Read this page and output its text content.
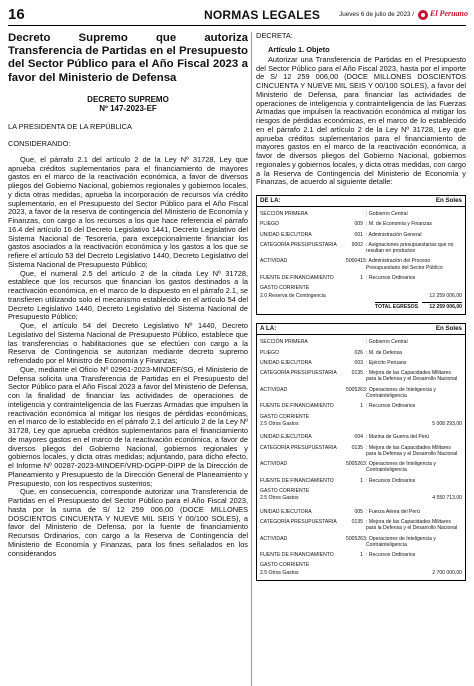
16	NORMAS LEGALES	Jueves 6 de julio de 2023 / El Peruano
Decreto Supremo que autoriza Transferencia de Partidas en el Presupuesto del Sector Público para el Año Fiscal 2023 a favor del Ministerio de Defensa
DECRETO SUPREMO
Nº 147-2023-EF
LA PRESIDENTA DE LA REPÚBLICA
CONSIDERANDO:

Que, el párrafo 2.1 del artículo 2 de la Ley Nº 31728, Ley que aprueba créditos suplementarios para el financiamiento de mayores gastos en el marco de la reactivación económica, a favor de diversos pliegos del Gobierno Nacional, gobiernos regionales y gobiernos locales, y dicta otras medidas, aprueba la incorporación de recursos vía crédito suplementario, en el Presupuesto del Sector Público para el Año Fiscal 2023, a favor de la reserva de contingencia del Ministerio de Economía y Finanzas, con cargo a los recursos a los que hace referencia el párrafo 16.4 del artículo 16 del Decreto Legislativo 1441, Decreto Legislativo del Sistema Nacional de Tesorería, para excepcionalmente financiar los gastos asociados a la reactivación económica y los gastos a los que se refiere el artículo 53 del Decreto Legislativo 1440, Decreto Legislativo del Sistema Nacional de Presupuesto Público;

Que, el numeral 2.5 del artículo 2 de la citada Ley Nº 31728, establece que los recursos que financian los gastos destinados a la reactivación económica, en el marco de lo dispuesto en el párrafo 2.1, se transfieren utilizando solo el mecanismo establecido en el artículo 54 del Decreto Legislativo 1440, Decreto Legislativo del Sistema Nacional de Presupuesto Público;

Que, el artículo 54 del Decreto Legislativo Nº 1440, Decreto Legislativo del Sistema Nacional de Presupuesto Público, establece que las transferencias o habilitaciones que se efectúen con cargo a la Reserva de Contingencia se autorizan mediante decreto supremo refrendado por el Ministro de Economía y Finanzas;

Que, mediante el Oficio Nº 02961-2023-MINDEF/SG, el Ministerio de Defensa solicita una Transferencia de Partidas en el Presupuesto del Sector Público para el Año Fiscal 2023 a favor del Ministerio de Defensa, con la finalidad de financiar las actividades de operaciones de inteligencia y contrainteligencia de las Fuerzas Armadas que impulsen la reactivación económica al mitigar los riesgos de pérdidas económicas, en el marco de lo establecido en el párrafo 2.1 del artículo 2 de la Ley Nº 31728, Ley que aprueba créditos suplementarios para el financiamiento de mayores gastos en el marco de la reactivación económica, a favor de diversos pliegos del Gobierno Nacional, gobiernos regionales y gobiernos locales, y dicta otras medidas; adjuntando, para dicho efecto, el Informe Nº 00287-2023-MINDEF/VRD-DGPP-DIPP de la Dirección de Planeamiento y Presupuesto de la Dirección General de Planeamiento y Presupuesto, con los respectivos sustentos;

Que, en consecuencia, corresponde autorizar una Transferencia de Partidas en el Presupuesto del Sector Público para el Año Fiscal 2023, hasta por la suma de S/ 12 259 006,00 (DOCE MILLONES DOSCIENTOS CINCUENTA Y NUEVE MIL SEIS Y 00/100 SOLES), a favor del Ministerio de Defensa, por la fuente de financiamiento Recursos Ordinarios, con cargo a la Reserva de Contingencia del Ministerio de Economía y Finanzas, para los fines señalados en los considerandos

DECRETA:
Artículo 1. Objeto

Autorizar una Transferencia de Partidas en el Presupuesto del Sector Público para el Año Fiscal 2023, hasta por el importe de S/ 12 259 006,00 (DOCE MILLONES DOSCIENTOS CINCUENTA Y NUEVE MIL SEIS Y 00/100 SOLES), a favor del Ministerio de Defensa, para financiar las actividades de operaciones de inteligencia y contrainteligencia de las Fuerzas Armadas que impulsen la reactivación económica al mitigar los riesgos de pérdidas económicas, en el marco de lo establecido en el párrafo 2.1 del artículo 2 de la Ley Nº 31728, Ley que aprueba créditos suplementarios para el financiamiento de mayores gastos en el marco de la reactivación económica, a favor de diversos pliegos del Gobierno Nacional, gobiernos regionales y gobiernos locales, y dicta otras medidas, con cargo a la Reserva de Contingencia del Ministerio de Economía y Finanzas, de acuerdo al siguiente detalle:

DE LA:	En Soles
SECCIÓN PRIMERA	: Gobierno Central
PLIEGO	009 : M. de Economía y Finanzas
UNIDAD EJECUTORA	001 : Administración General
CATEGORÍA PRESUPUESTARIA	9002 : Asignaciones presupuestarias que no resultan en productos
ACTIVIDAD	5000415 : Administración del Proceso Presupuestario del Sector Público
FUENTE DE FINANCIAMIENTO	1 : Recursos Ordinarios
GASTO CORRIENTE
2.0 Reserva de Contingencia	12 259 006,00
TOTAL EGRESOS	12 259 006,00
A LA:	En Soles
SECCIÓN PRIMERA	: Gobierno Central
PLIEGO	026 : M. de Defensa
UNIDAD EJECUTORA	003 : Ejército Peruano
CATEGORÍA PRESUPUESTARIA	0135 : Mejora de las Capacidades Militares para la Defensa y el Desarrollo Nacional
ACTIVIDAD	5005263 : Operaciones de Inteligencia y Contrainteligencia
FUENTE DE FINANCIAMIENTO	1 : Recursos Ordinarios
GASTO CORRIENTE
2.5 Otros Gastos	5 008 293,00
UNIDAD EJECUTORA	004 : Marina de Guerra del Perú
CATEGORÍA PRESUPUESTARIA	0135 : Mejora de las Capacidades Militares para la Defensa y el Desarrollo Nacional
ACTIVIDAD	5005263 : Operaciones de Inteligencia y Contrainteligencia
FUENTE DE FINANCIAMIENTO	1 : Recursos Ordinarios
GASTO CORRIENTE
2.5 Otros Gastos	4 550 713,00
UNIDAD EJECUTORA	005 : Fuerza Aérea del Perú
CATEGORÍA PRESUPUESTARIA	0135 : Mejora de las Capacidades Militares para la Defensa y el Desarrollo Nacional
ACTIVIDAD	5005263 : Operaciones de Inteligencia y Contrainteligencia
FUENTE DE FINANCIAMIENTO	1 : Recursos Ordinarios
GASTO CORRIENTE
2.5 Otros Gastos	2 700 000,00
